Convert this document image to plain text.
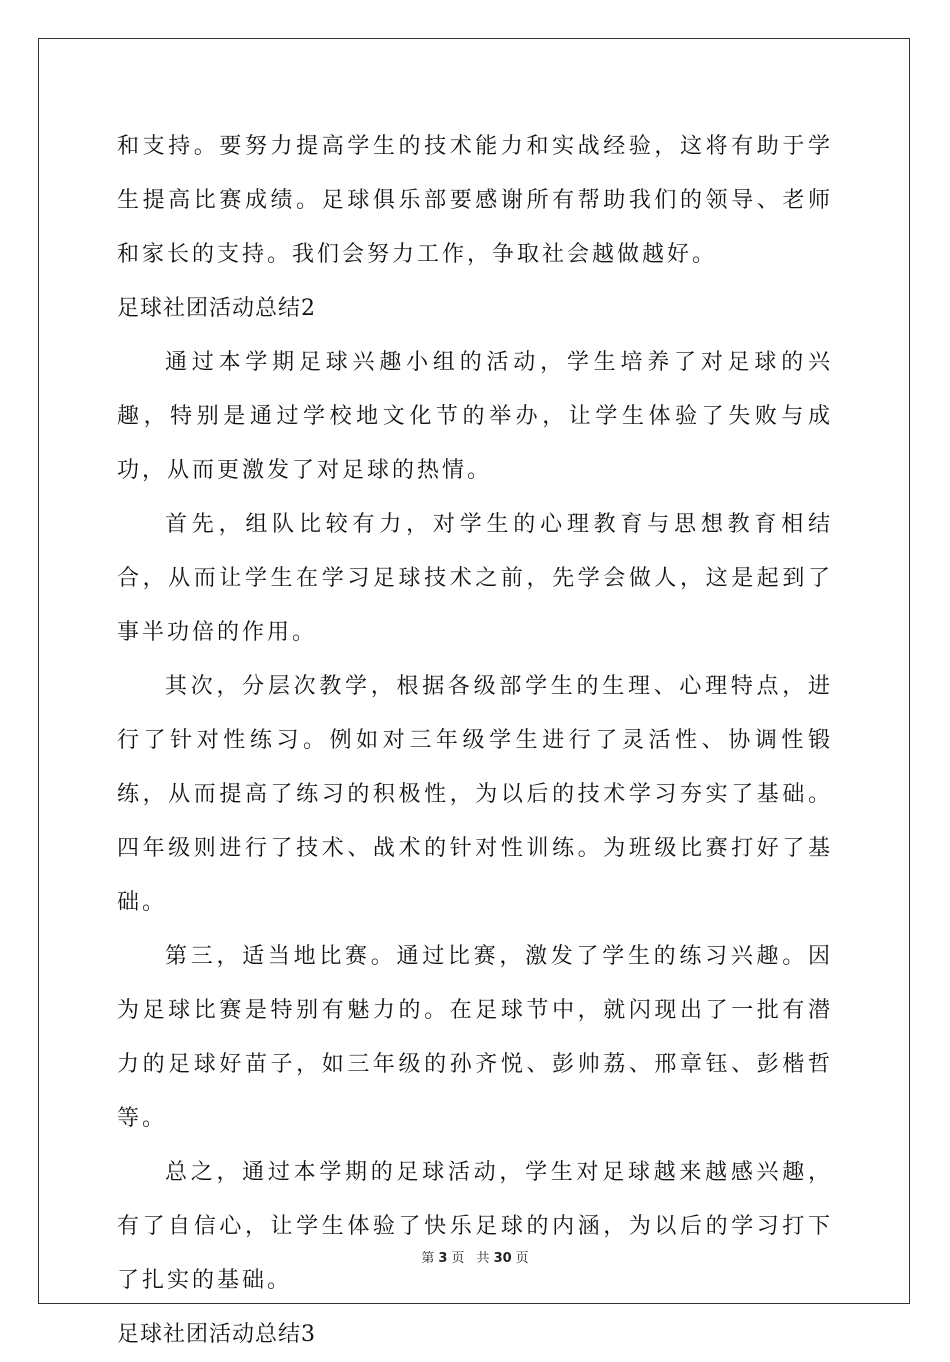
和支持。要努力提高学生的技术能力和实战经验，这将有助于学生提高比赛成绩。足球俱乐部要感谢所有帮助我们的领导、老师和家长的支持。我们会努力工作，争取社会越做越好。

足球社团活动总结2

通过本学期足球兴趣小组的活动，学生培养了对足球的兴趣，特别是通过学校地文化节的举办，让学生体验了失败与成功，从而更激发了对足球的热情。

首先，组队比较有力，对学生的心理教育与思想教育相结合，从而让学生在学习足球技术之前，先学会做人，这是起到了事半功倍的作用。

其次，分层次教学，根据各级部学生的生理、心理特点，进行了针对性练习。例如对三年级学生进行了灵活性、协调性锻练，从而提高了练习的积极性，为以后的技术学习夯实了基础。四年级则进行了技术、战术的针对性训练。为班级比赛打好了基础。

第三，适当地比赛。通过比赛，激发了学生的练习兴趣。因为足球比赛是特别有魅力的。在足球节中，就闪现出了一批有潜力的足球好苗子，如三年级的孙齐悦、彭帅荔、邢章钰、彭楷哲等。

总之，通过本学期的足球活动，学生对足球越来越感兴趣，有了自信心，让学生体验了快乐足球的内涵，为以后的学习打下了扎实的基础。

足球社团活动总结3

第 3 页 共 30 页
